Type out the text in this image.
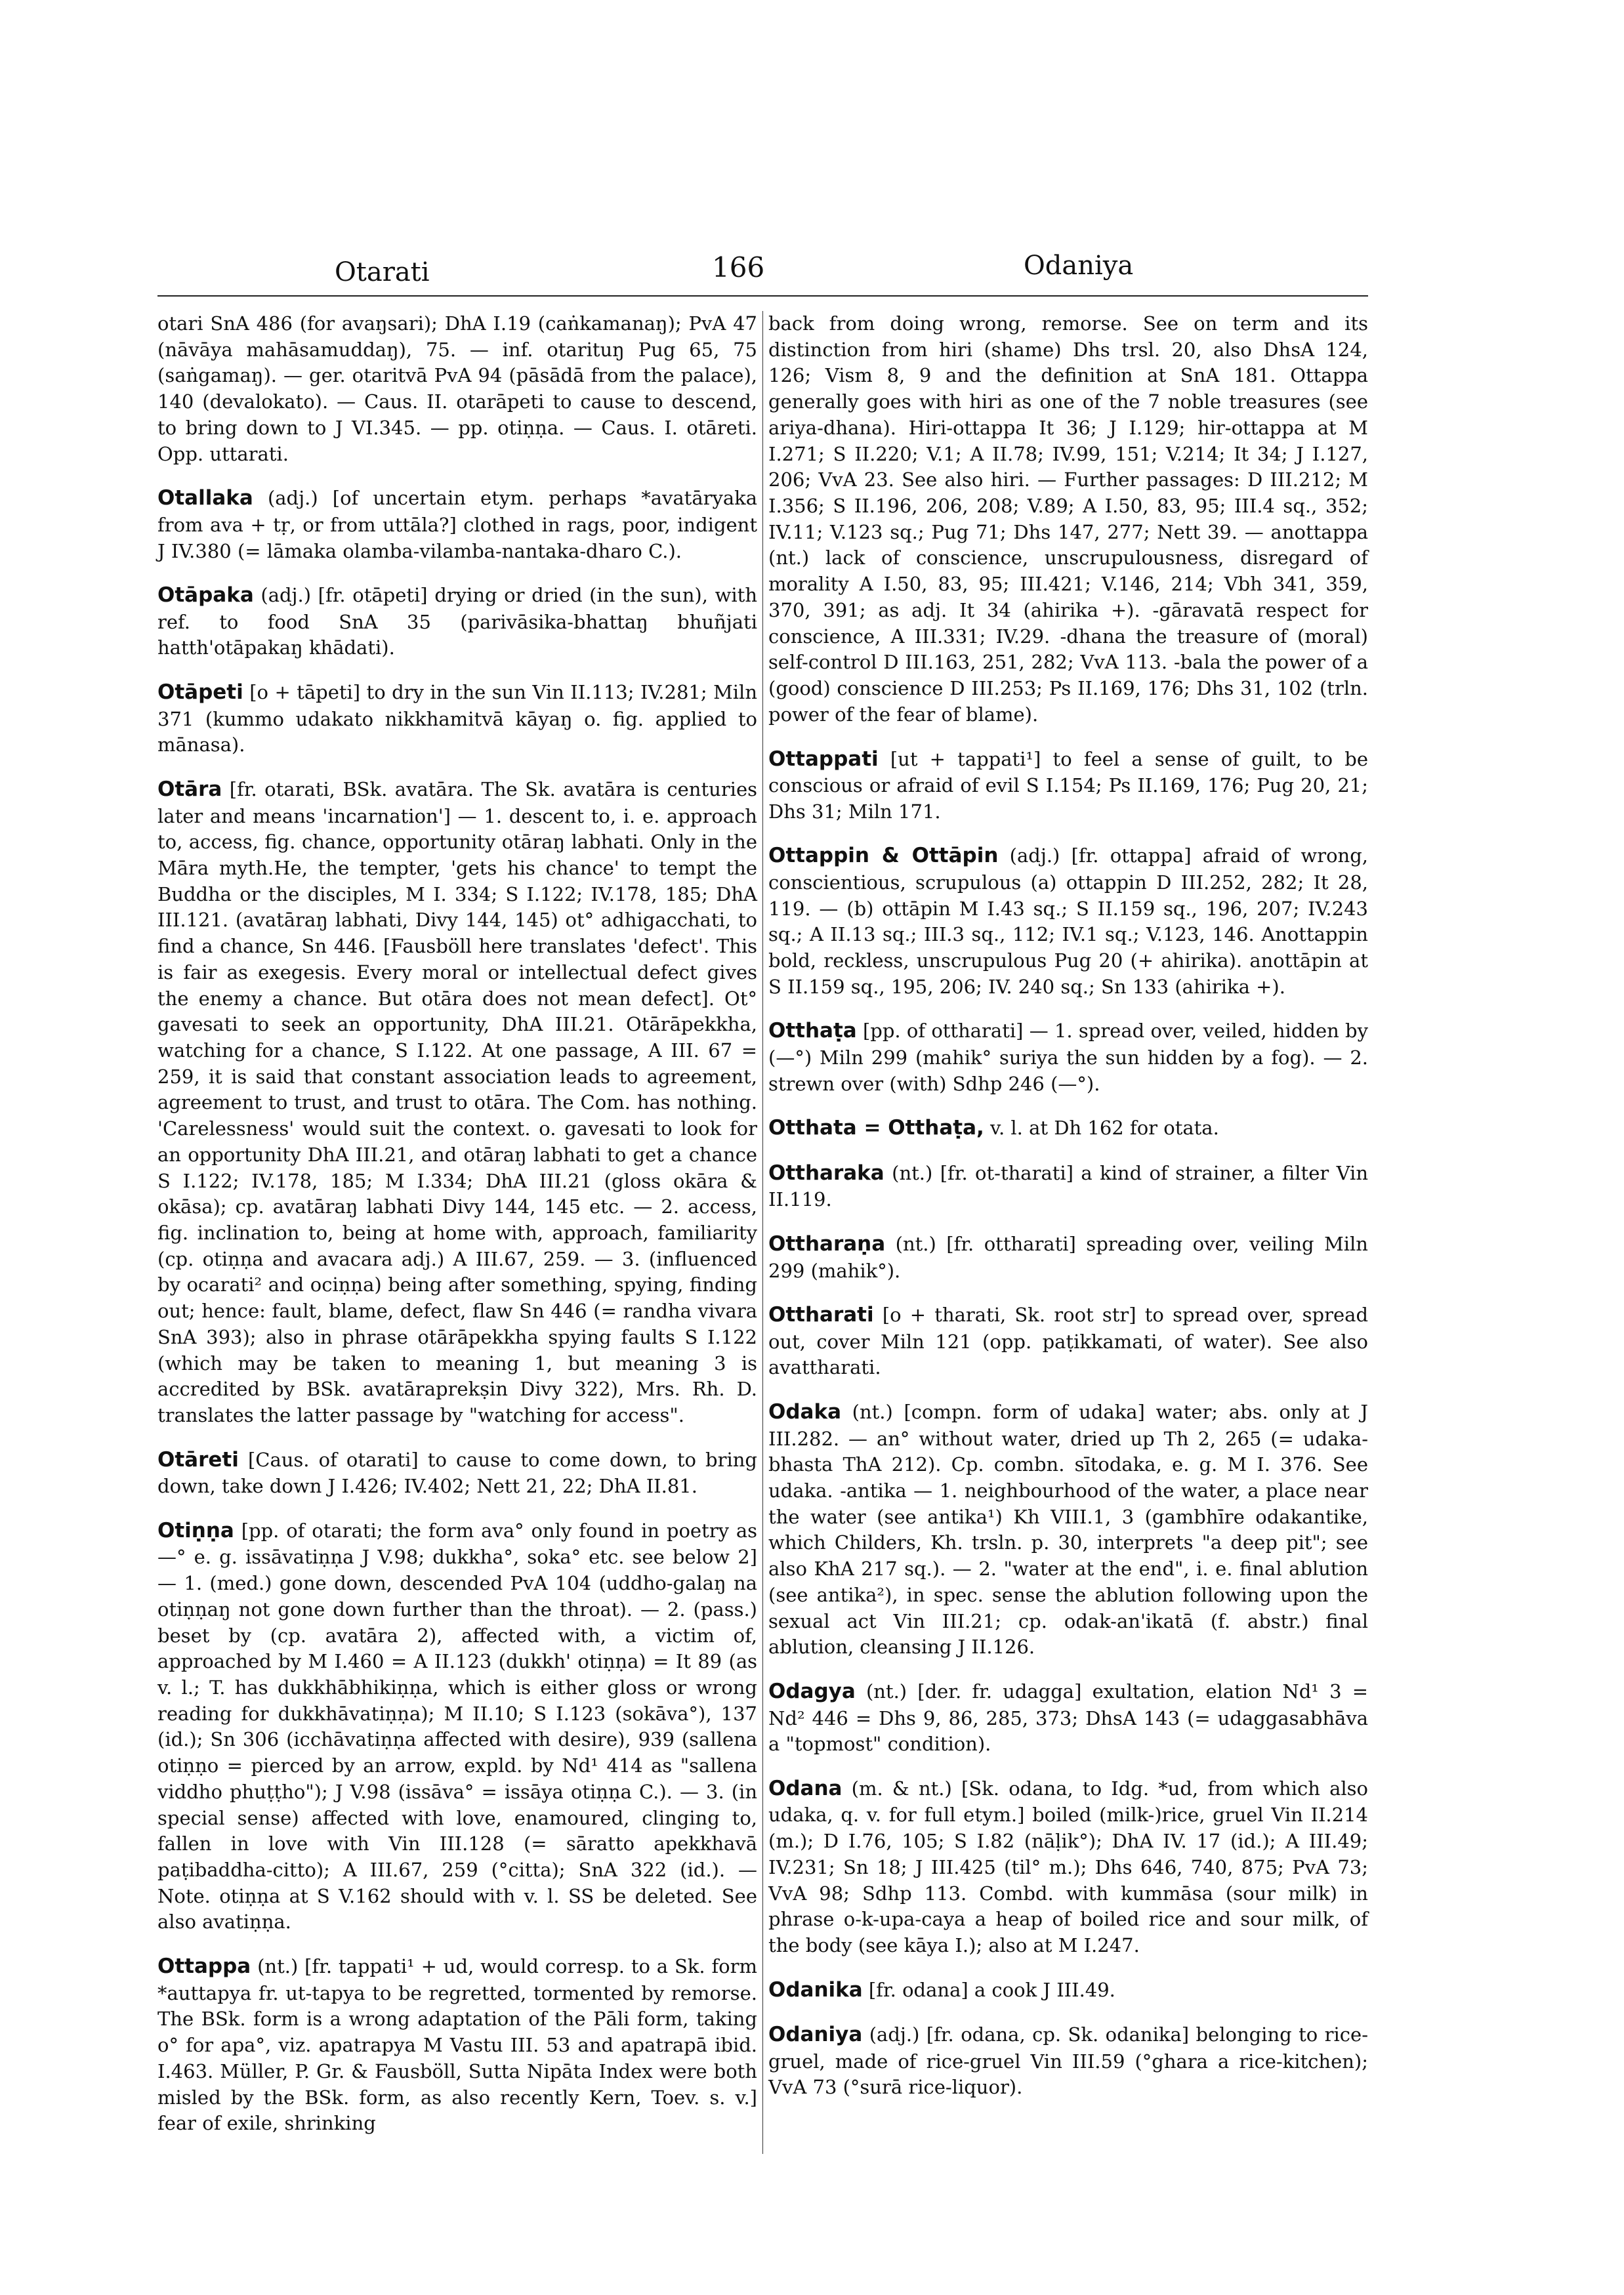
Otarati	166	Odaniya

otari SnA 486 (for avaŋsari); DhA I.19 (caṅkamanaŋ); PvA 47 (nāvāya mahāsamuddaŋ), 75. — inf. otarituŋ Pug 65, 75 (saṅgamaŋ). — ger. otaritvā PvA 94 (pāsādā from the palace), 140 (devalokato). — Caus. II. otarāpeti to cause to descend, to bring down to J VI.345. — pp. otiṇṇa. — Caus. I. otāreti. Opp. uttarati.

Otallaka (adj.) [of uncertain etym. perhaps *avatāryaka from ava + tṛ, or from uttāla?] clothed in rags, poor, indigent J IV.380 (= lāmaka olamba-vilamba-nantaka-dharo C.).

Otāpaka (adj.) [fr. otāpeti] drying or dried (in the sun), with ref. to food SnA 35 (parivāsika-bhattaŋ bhuñjati hatth'otāpakaŋ khādati).

Otāpeti [o + tāpeti] to dry in the sun Vin II.113; IV.281; Miln 371 (kummo udakato nikkhamitvā kāyaŋ o. fig. applied to mānasa).

Otāra [fr. otarati, BSk. avatāra. The Sk. avatāra is centuries later and means 'incarnation'] — 1. descent to, i. e. approach to, access, fig. chance, opportunity otāraŋ labhati. Only in the Māra myth.He, the tempter, 'gets his chance' to tempt the Buddha or the disciples, M I. 334; S I.122; IV.178, 185; DhA III.121. (avatāraŋ labhati, Divy 144, 145) ot° adhigacchati, to find a chance, Sn 446. [Fausböll here translates 'defect'. This is fair as exegesis. Every moral or intellectual defect gives the enemy a chance. But otāra does not mean defect]. Ot° gavesati to seek an opportunity, DhA III.21. Otārāpekkha, watching for a chance, S I.122. At one passage, A III. 67 = 259, it is said that constant association leads to agreement, agreement to trust, and trust to otāra. The Com. has nothing. 'Carelessness' would suit the context. o. gavesati to look for an opportunity DhA III.21, and otāraŋ labhati to get a chance S I.122; IV.178, 185; M I.334; DhA III.21 (gloss okāra & okāsa); cp. avatāraŋ labhati Divy 144, 145 etc. — 2. access, fig. inclination to, being at home with, approach, familiarity (cp. otiṇṇa and avacara adj.) A III.67, 259. — 3. (influenced by ocarati² and ociṇṇa) being after something, spying, finding out; hence: fault, blame, defect, flaw Sn 446 (= randha vivara SnA 393); also in phrase otārāpekkha spying faults S I.122 (which may be taken to meaning 1, but meaning 3 is accredited by BSk. avatāraprekṣin Divy 322), Mrs. Rh. D. translates the latter passage by "watching for access".

Otāreti [Caus. of otarati] to cause to come down, to bring down, take down J I.426; IV.402; Nett 21, 22; DhA II.81.

Otiṇṇa [pp. of otarati; the form ava° only found in poetry as —° e. g. issāvatiṇṇa J V.98; dukkha°, soka° etc. see below 2] — 1. (med.) gone down, descended PvA 104 (uddho-galaŋ na otiṇṇaŋ not gone down further than the throat). — 2. (pass.) beset by (cp. avatāra 2), affected with, a victim of, approached by M I.460 = A II.123 (dukkh' otiṇṇa) = It 89 (as v. l.; T. has dukkhābhikiṇṇa, which is either gloss or wrong reading for dukkhāvatiṇṇa); M II.10; S I.123 (sokāva°), 137 (id.); Sn 306 (icchāvatiṇṇa affected with desire), 939 (sallena otiṇṇo = pierced by an arrow, expld. by Nd¹ 414 as "sallena viddho phuṭṭho"); J V.98 (issāva° = issāya otiṇṇa C.). — 3. (in special sense) affected with love, enamoured, clinging to, fallen in love with Vin III.128 (= sāratto apekkhavā paṭibaddha-citto); A III.67, 259 (°citta); SnA 322 (id.). — Note. otiṇṇa at S V.162 should with v. l. SS be deleted. See also avatiṇṇa.

Ottappa (nt.) [fr. tappati¹ + ud, would corresp. to a Sk. form *auttapya fr. ut-tapya to be regretted, tormented by remorse. The BSk. form is a wrong adaptation of the Pāli form, taking o° for apa°, viz. apatrapya M Vastu III. 53 and apatrapā ibid. I.463. Müller, P. Gr. & Fausböll, Sutta Nipāta Index were both misled by the BSk. form, as also recently Kern, Toev. s. v.] fear of exile, shrinking

back from doing wrong, remorse. See on term and its distinction from hiri (shame) Dhs trsl. 20, also DhsA 124, 126; Vism 8, 9 and the definition at SnA 181. Ottappa generally goes with hiri as one of the 7 noble treasures (see ariya-dhana). Hiri-ottappa It 36; J I.129; hir-ottappa at M I.271; S II.220; V.1; A II.78; IV.99, 151; V.214; It 34; J I.127, 206; VvA 23. See also hiri. — Further passages: D III.212; M I.356; S II.196, 206, 208; V.89; A I.50, 83, 95; III.4 sq., 352; IV.11; V.123 sq.; Pug 71; Dhs 147, 277; Nett 39. — anottappa (nt.) lack of conscience, unscrupulousness, disregard of morality A I.50, 83, 95; III.421; V.146, 214; Vbh 341, 359, 370, 391; as adj. It 34 (ahirika +). -gāravatā respect for conscience, A III.331; IV.29. -dhana the treasure of (moral) self-control D III.163, 251, 282; VvA 113. -bala the power of a (good) conscience D III.253; Ps II.169, 176; Dhs 31, 102 (trln. power of the fear of blame).

Ottappati [ut + tappati¹] to feel a sense of guilt, to be conscious or afraid of evil S I.154; Ps II.169, 176; Pug 20, 21; Dhs 31; Miln 171.

Ottappin & Ottāpin (adj.) [fr. ottappa] afraid of wrong, conscientious, scrupulous (a) ottappin D III.252, 282; It 28, 119. — (b) ottāpin M I.43 sq.; S II.159 sq., 196, 207; IV.243 sq.; A II.13 sq.; III.3 sq., 112; IV.1 sq.; V.123, 146. Anottappin bold, reckless, unscrupulous Pug 20 (+ ahirika). anottāpin at S II.159 sq., 195, 206; IV. 240 sq.; Sn 133 (ahirika +).

Otthaṭa [pp. of ottharati] — 1. spread over, veiled, hidden by (—°) Miln 299 (mahik° suriya the sun hidden by a fog). — 2. strewn over (with) Sdhp 246 (—°).

Otthata = Otthaṭa, v. l. at Dh 162 for otata.

Ottharaka (nt.) [fr. ot-tharati] a kind of strainer, a filter Vin II.119.

Ottharaṇa (nt.) [fr. ottharati] spreading over, veiling Miln 299 (mahik°).

Ottharati [o + tharati, Sk. root str] to spread over, spread out, cover Miln 121 (opp. paṭikkamati, of water). See also avattharati.

Odaka (nt.) [compn. form of udaka] water; abs. only at J III.282. — an° without water, dried up Th 2, 265 (= udaka-bhasta ThA 212). Cp. combn. sītodaka, e. g. M I. 376. See udaka. -antika — 1. neighbourhood of the water, a place near the water (see antika¹) Kh VIII.1, 3 (gambhīre odakantike, which Childers, Kh. trsln. p. 30, interprets "a deep pit"; see also KhA 217 sq.). — 2. "water at the end", i. e. final ablution (see antika²), in spec. sense the ablution following upon the sexual act Vin III.21; cp. odak-an'ikatā (f. abstr.) final ablution, cleansing J II.126.

Odagya (nt.) [der. fr. udagga] exultation, elation Nd¹ 3 = Nd² 446 = Dhs 9, 86, 285, 373; DhsA 143 (= udaggasabhāva a "topmost" condition).

Odana (m. & nt.) [Sk. odana, to Idg. *ud, from which also udaka, q. v. for full etym.] boiled (milk-)rice, gruel Vin II.214 (m.); D I.76, 105; S I.82 (nāḷik°); DhA IV. 17 (id.); A III.49; IV.231; Sn 18; J III.425 (til° m.); Dhs 646, 740, 875; PvA 73; VvA 98; Sdhp 113. Combd. with kummāsa (sour milk) in phrase o-k-upa-caya a heap of boiled rice and sour milk, of the body (see kāya I.); also at M I.247.

Odanika [fr. odana] a cook J III.49.

Odaniya (adj.) [fr. odana, cp. Sk. odanika] belonging to rice-gruel, made of rice-gruel Vin III.59 (°ghara a rice-kitchen); VvA 73 (°surā rice-liquor).
